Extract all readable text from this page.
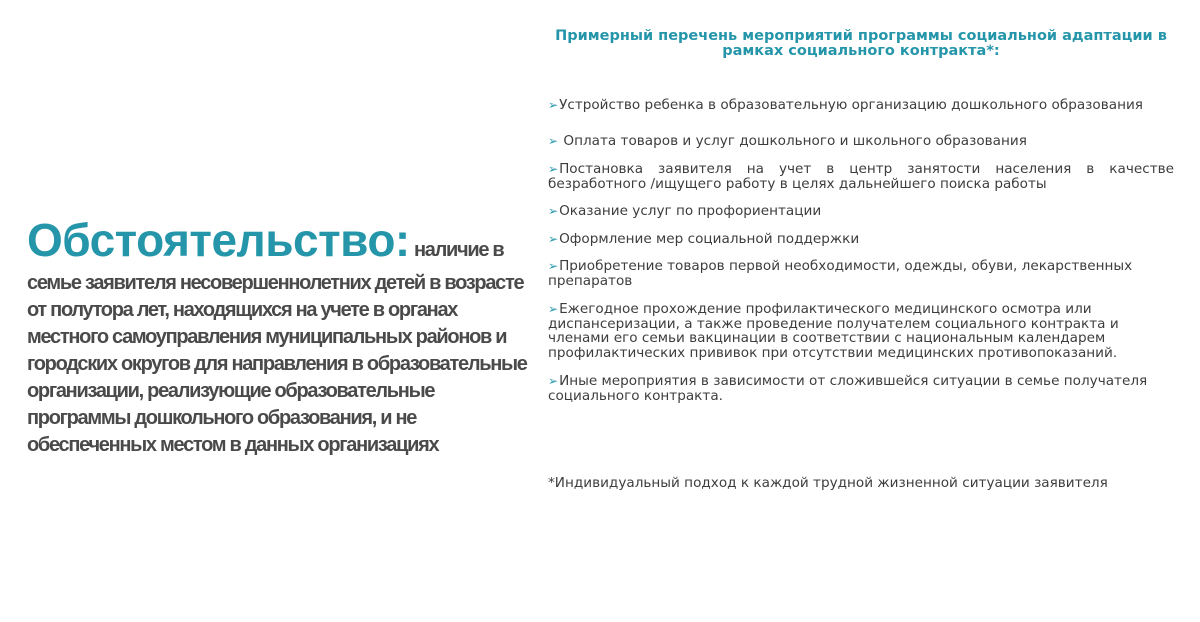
Обстоятельство: наличие в семье заявителя несовершеннолетних детей в возрасте от полутора лет, находящихся на учете в органах местного самоуправления муниципальных районов и городских округов для направления в образовательные организации, реализующие образовательные программы дошкольного образования, и не обеспеченных местом в данных организациях
Примерный перечень мероприятий программы социальной адаптации в рамках социального контракта*:
➢Устройство ребенка в образовательную организацию дошкольного образования
➢ Оплата товаров и услуг дошкольного и школьного образования
➢Постановка заявителя на учет в центр занятости населения в качестве безработного /ищущего работу в целях дальнейшего поиска работы
➢Оказание услуг по профориентации
➢Оформление мер социальной поддержки
➢Приобретение товаров первой необходимости, одежды, обуви, лекарственных препаратов
➢Ежегодное прохождение профилактического медицинского осмотра или диспансеризации, а также проведение получателем социального контракта и членами его семьи вакцинации в соответствии с национальным календарем профилактических прививок при отсутствии медицинских противопоказаний.
➢Иные мероприятия в зависимости от сложившейся ситуации в семье получателя социального контракта.
*Индивидуальный подход к каждой трудной жизненной ситуации заявителя
